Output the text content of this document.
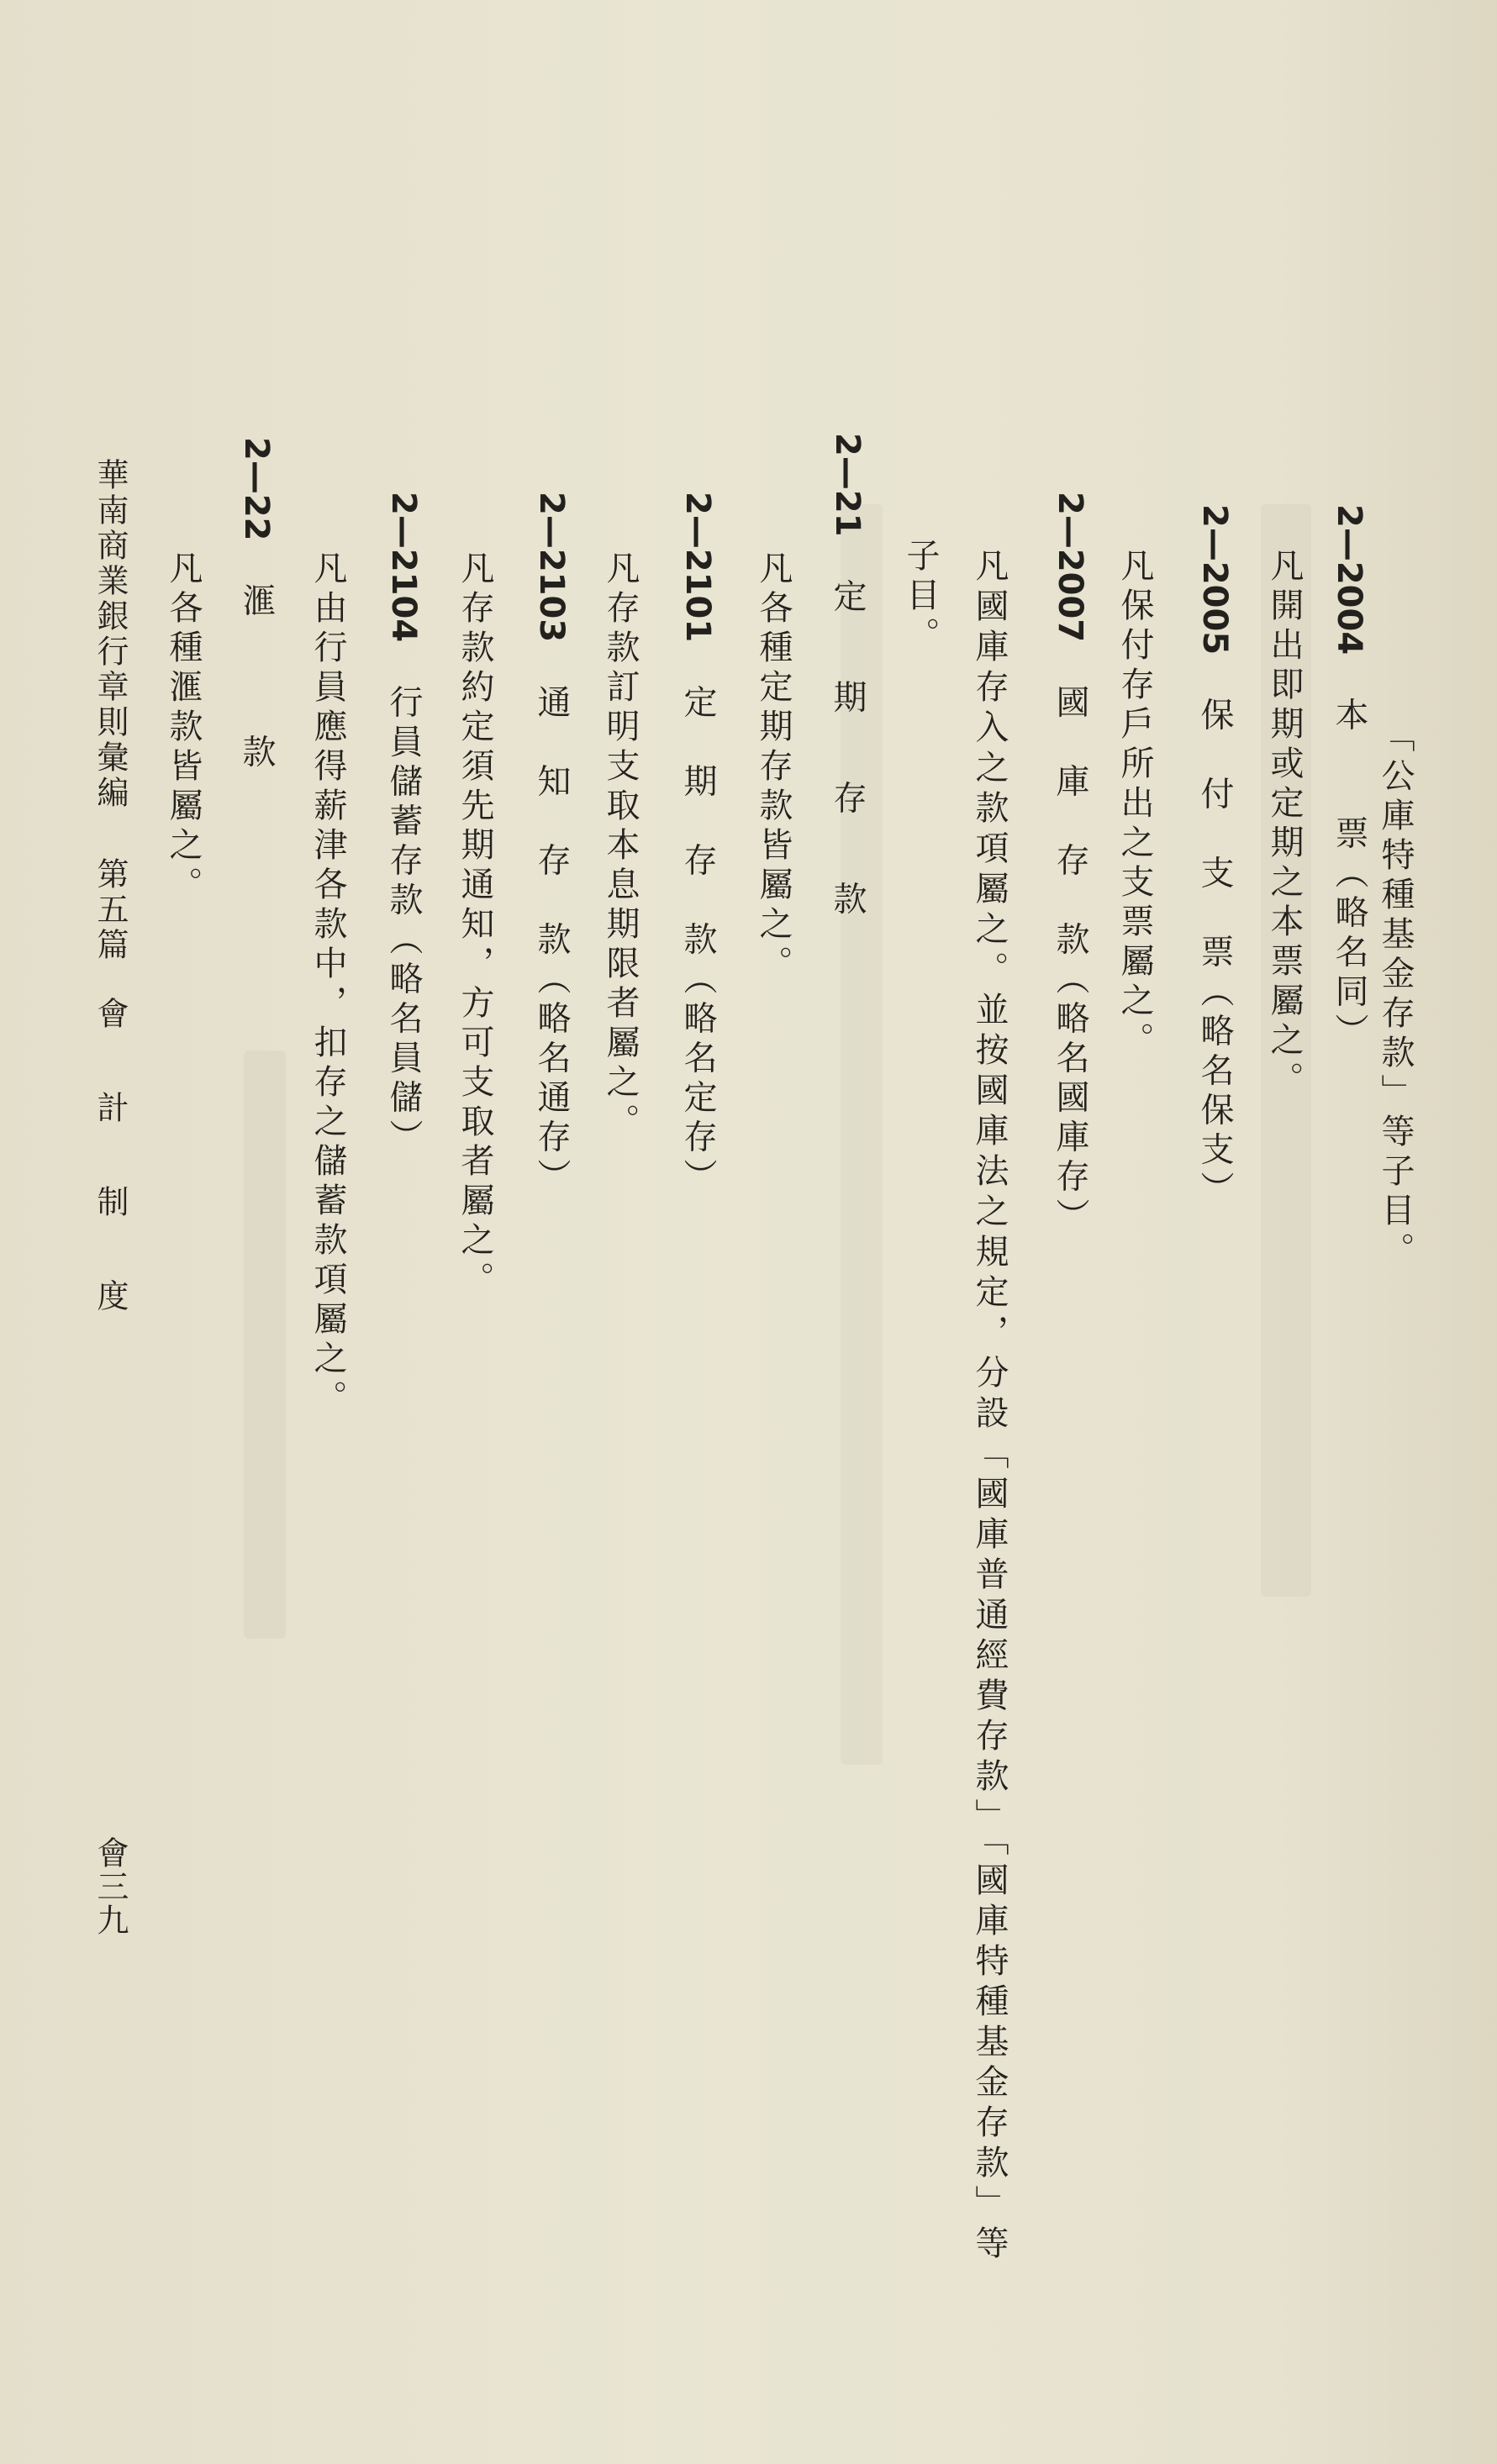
「公庫特種基金存款」等子目。
2—2004本　　票（略名同）
凡開出即期或定期之本票屬之。
2—2005保　付　支　票（略名保支）
凡保付存戶所出之支票屬之。
2—2007國　庫　存　款（略名國庫存）
凡國庫存入之款項屬之。並按國庫法之規定，分設「國庫普通經費存款」「國庫特種基金存款」等
子目。
2—21定　期　存　款
凡各種定期存款皆屬之。
2—2101定　期　存　款（略名定存）
凡存款訂明支取本息期限者屬之。
2—2103通　知　存　款（略名通存）
凡存款約定須先期通知，方可支取者屬之。
2—2104行員儲蓄存款（略名員儲）
凡由行員應得薪津各款中，扣存之儲蓄款項屬之。
2—22滙　　款
凡各種滙款皆屬之。
華南商業銀行章則彙編第五篇會　計　制　度
會三九
